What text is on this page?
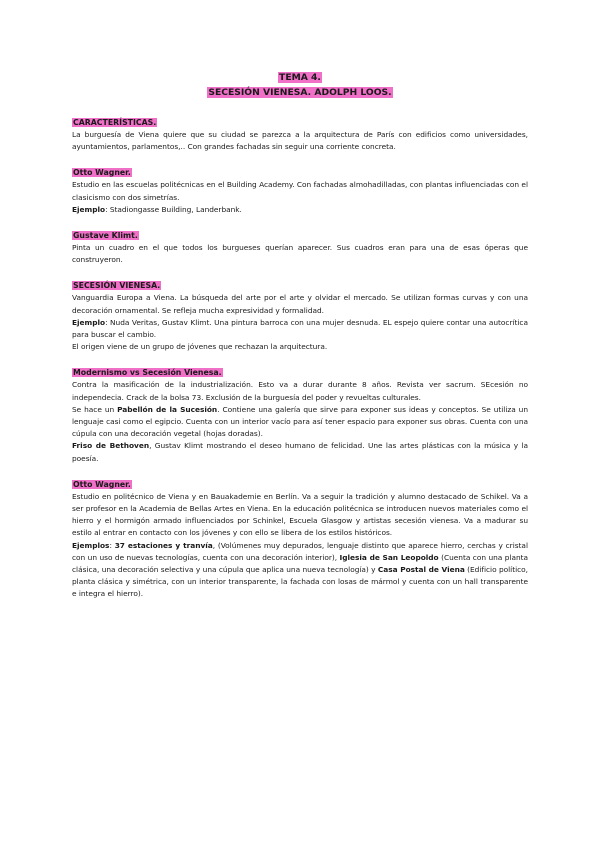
TEMA 4.
SECESIÓN VIENESA. ADOLPH LOOS.
CARACTERÍSTICAS.

La burguesía de Viena quiere que su ciudad se parezca a la arquitectura de París con edificios como universidades, ayuntamientos, parlamentos,.. Con grandes fachadas sin seguir una corriente concreta.

Otto Wagner.

Estudio en las escuelas politécnicas en el Building Academy. Con fachadas almohadilladas, con plantas influenciadas con el clasicismo con dos simetrías.

Ejemplo: Stadiongasse Building, Landerbank.

Gustave Klimt.

Pinta un cuadro en el que todos los burgueses querían aparecer. Sus cuadros eran para una de esas óperas que construyeron.

SECESIÓN VIENESA.

Vanguardia Europa a Viena. La búsqueda del arte por el arte y olvidar el mercado. Se utilizan formas curvas y con una decoración ornamental. Se refleja mucha expresividad y formalidad.

Ejemplo: Nuda Veritas, Gustav Klimt. Una pintura barroca con una mujer desnuda. EL espejo quiere contar una autocrítica para buscar el cambio.

El origen viene de un grupo de jóvenes que rechazan la arquitectura.

Modernismo vs Secesión Vienesa.

Contra la masificación de la industrialización. Esto va a durar durante 8 años. Revista ver sacrum. SEcesión no independecia. Crack de la bolsa 73. Exclusión de la burguesía del poder y revueltas culturales.

Se hace un Pabellón de la Sucesión. Contiene una galería que sirve para exponer sus ideas y conceptos. Se utiliza un lenguaje casi como el egipcio. Cuenta con un interior vacío para así tener espacio para exponer sus obras. Cuenta con una cúpula con una decoración vegetal (hojas doradas).

Friso de Bethoven, Gustav Klimt mostrando el deseo humano de felicidad. Une las artes plásticas con la música y la poesía.

Otto Wagner.

Estudio en politécnico de Viena y en Bauakademie en Berlín. Va a seguir la tradición y alumno destacado de Schikel. Va a ser profesor en la Academia de Bellas Artes en Viena. En la educación politécnica se introducen nuevos materiales como el hierro y el hormigón armado influenciados por Schinkel, Escuela Glasgow y artistas secesión vienesa. Va a madurar su estilo al entrar en contacto con los jóvenes y con ello se libera de los estilos históricos.

Ejemplos: 37 estaciones y tranvía, (Volúmenes muy depurados, lenguaje distinto que aparece hierro, cerchas y cristal con un uso de nuevas tecnologías, cuenta con una decoración interior), Iglesia de San Leopoldo (Cuenta con una planta clásica, una decoración selectiva y una cúpula que aplica una nueva tecnología) y Casa Postal de Viena (Edificio político, planta clásica y simétrica, con un interior transparente, la fachada con losas de mármol y cuenta con un hall transparente e integra el hierro).
